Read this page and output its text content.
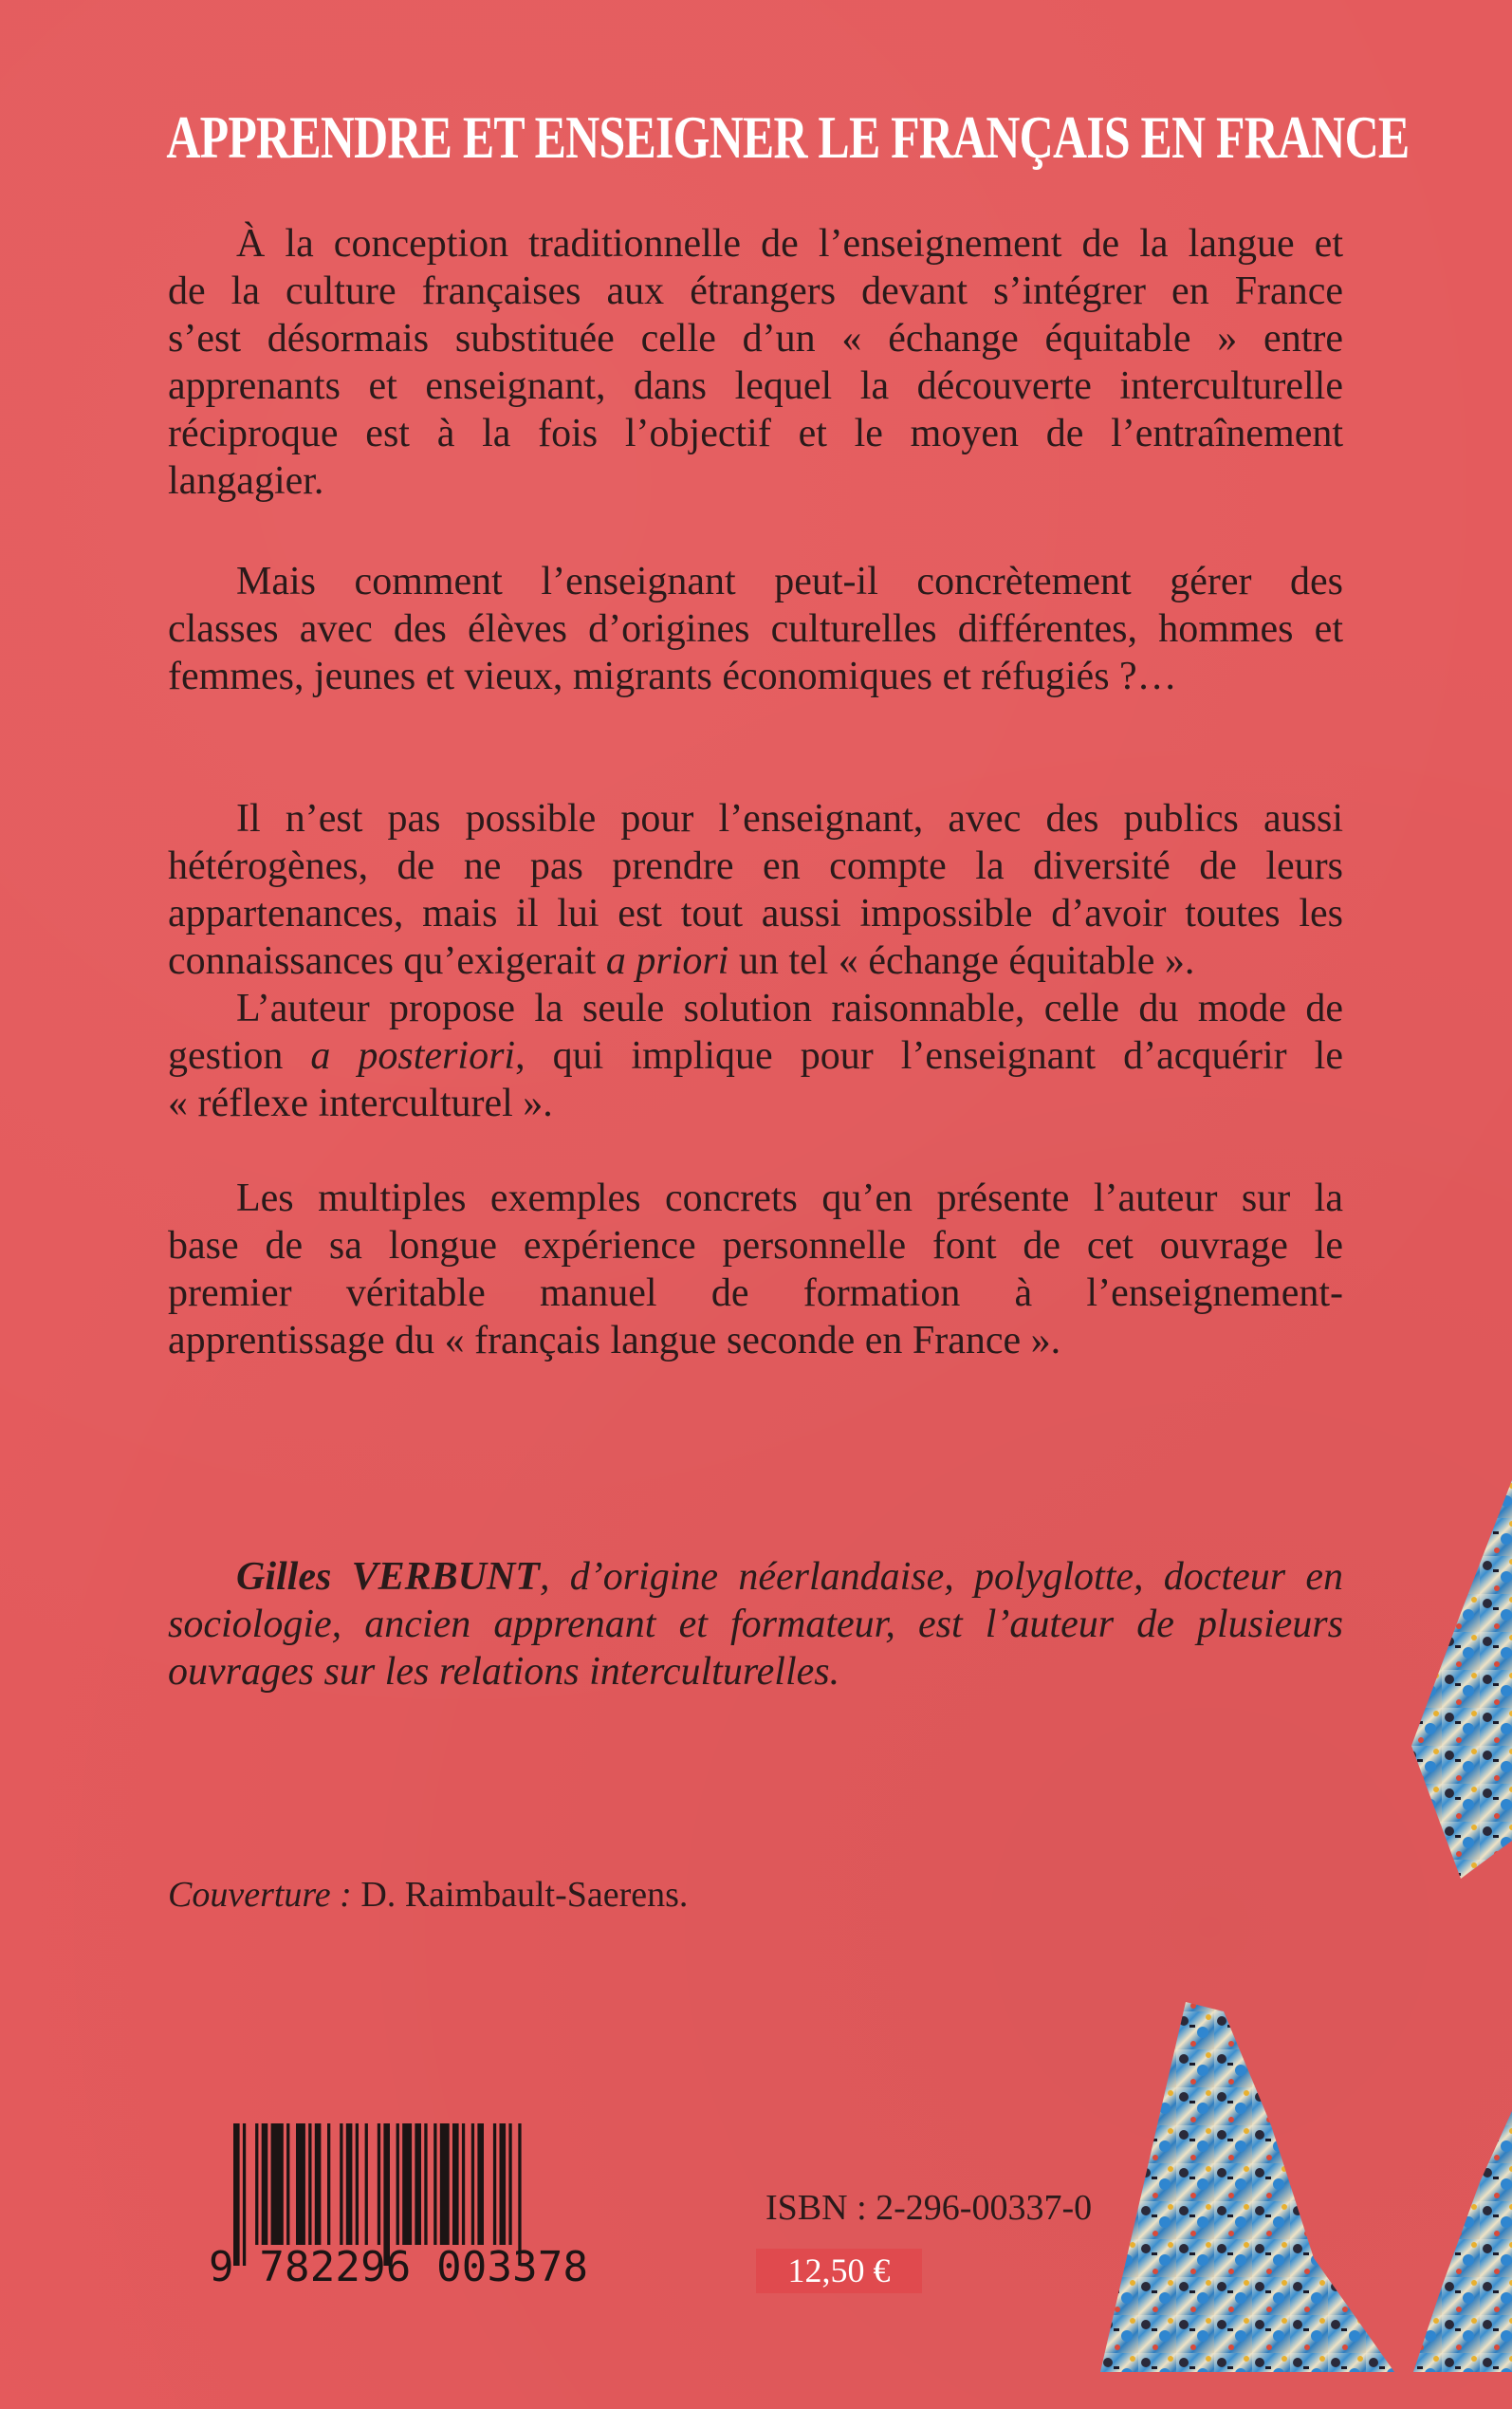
APPRENDRE ET ENSEIGNER LE FRANÇAIS EN FRANCE
À la conception traditionnelle de l’enseignement de la langue et
de la culture françaises aux étrangers devant s’intégrer en France
s’est désormais substituée celle d’un « échange équitable » entre
apprenants et enseignant, dans lequel la découverte interculturelle
réciproque est à la fois l’objectif et le moyen de l’entraînement
langagier.
Mais comment l’enseignant peut-il concrètement gérer des
classes avec des élèves d’origines culturelles différentes, hommes et
femmes, jeunes et vieux, migrants économiques et réfugiés ?…
Il n’est pas possible pour l’enseignant, avec des publics aussi
hétérogènes, de ne pas prendre en compte la diversité de leurs
appartenances, mais il lui est tout aussi impossible d’avoir toutes les
connaissances qu’exigerait a priori un tel « échange équitable ».
L’auteur propose la seule solution raisonnable, celle du mode de
gestion a posteriori, qui implique pour l’enseignant d’acquérir le
« réflexe interculturel ».
Les multiples exemples concrets qu’en présente l’auteur sur la
base de sa longue expérience personnelle font de cet ouvrage le
premier véritable manuel de formation à l’enseignement-
apprentissage du « français langue seconde en France ».
Gilles VERBUNT, d’origine néerlandaise, polyglotte, docteur en
sociologie, ancien apprenant et formateur, est l’auteur de plusieurs
ouvrages sur les relations interculturelles.
Couverture : D. Raimbault-Saerens.
9 782296 003378
ISBN : 2-296-00337-0
12,50 €
